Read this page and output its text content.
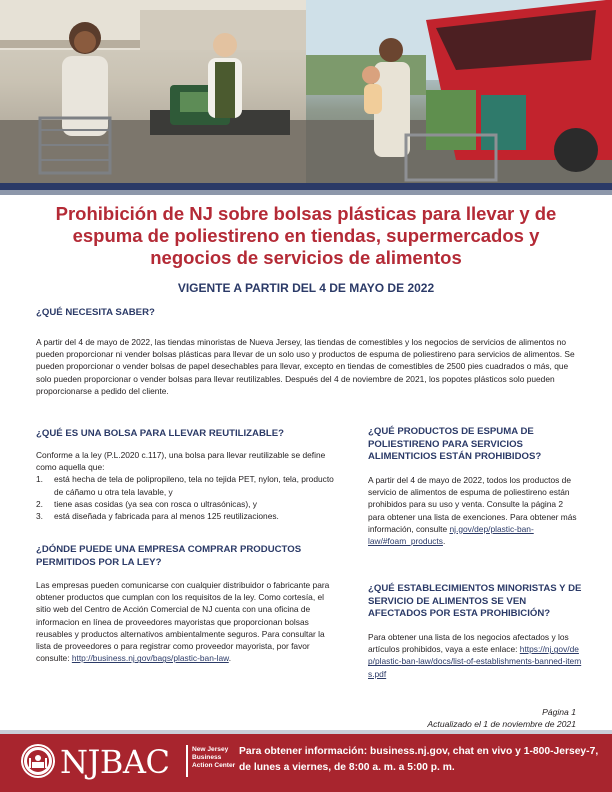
Prohibición de NJ sobre bolsas plásticas para llevar y de espuma de poliestireno en tiendas, supermercados y negocios de servicios de alimentos
VIGENTE A PARTIR DEL 4 DE MAYO DE 2022
¿QUÉ NECESITA SABER?

A partir del 4 de mayo de 2022, las tiendas minoristas de Nueva Jersey, las tiendas de comestibles y los negocios de servicios de alimentos no pueden proporcionar ni vender bolsas plásticas para llevar de un solo uso y productos de espuma de poliestireno para servicios de alimentos. Se pueden proporcionar o vender bolsas de papel desechables para llevar, excepto en tiendas de comestibles de 2500 pies cuadrados o más, que solo pueden proporcionar o vender bolsas para llevar reutilizables. Después del 4 de noviembre de 2021, los popotes plásticos solo pueden proporcionarse a pedido del cliente.

¿QUÉ ES UNA BOLSA PARA LLEVAR REUTILIZABLE?

Conforme a la ley (P.L.2020 c.117), una bolsa para llevar reutilizable se define como aquella que:

1. está hecha de tela de polipropileno, tela no tejida PET, nylon, tela, producto de cáñamo u otra tela lavable, y
2. tiene asas cosidas (ya sea con rosca o ultrasónicas), y
3. está diseñada y fabricada para al menos 125 reutilizaciones.
¿DÓNDE PUEDE UNA EMPRESA COMPRAR PRODUCTOS PERMITIDOS POR LA LEY?

Las empresas pueden comunicarse con cualquier distribuidor o fabricante para obtener productos que cumplan con los requisitos de la ley. Como cortesía, el sitio web del Centro de Acción Comercial de NJ cuenta con una oficina de informacion en línea de proveedores mayoristas que proporcionan bolsas reusables y productos alternativos ambientalmente seguros. Para consultar la lista de proveedores o para registrar como proveedor mayorista, por favor consulte: http://business.nj.gov/bags/plastic-ban-law.

¿QUÉ PRODUCTOS DE ESPUMA DE POLIESTIRENO PARA SERVICIOS ALIMENTICIOS ESTÁN PROHIBIDOS?

A partir del 4 de mayo de 2022, todos los productos de servicio de alimentos de espuma de poliestireno están prohibidos para su uso y venta. Consulte la página 2 para obtener una lista de exenciones. Para obtener más información, consulte nj.gov/dep/plastic-ban-law/#foam_products.

¿QUÉ ESTABLECIMIENTOS MINORISTAS Y DE SERVICIO DE ALIMENTOS SE VEN AFECTADOS POR ESTA PROHIBICIÓN?

Para obtener una lista de los negocios afectados y los artículos prohibidos, vaya a este enlace: https://nj.gov/dep/plastic-ban-law/docs/list-of-establishments-banned-items.pdf

Página 1
Actualizado el 1 de noviembre de 2021
NJBAC	New Jersey
Business
Action Center
Para obtener información: business.nj.gov, chat en vivo y 1-800-Jersey-7,
de lunes a viernes, de 8:00 a. m. a 5:00 p. m.
